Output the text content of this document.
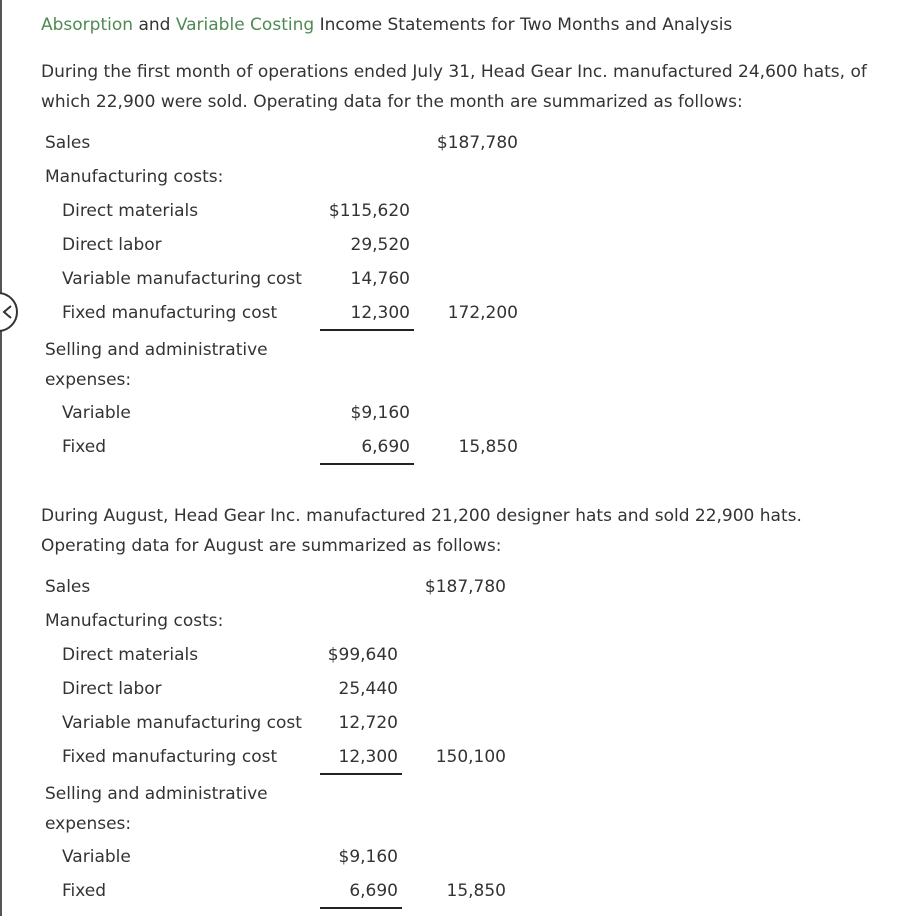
Absorption and Variable Costing Income Statements for Two Months and Analysis
During the first month of operations ended July 31, Head Gear Inc. manufactured 24,600 hats, of which 22,900 were sold. Operating data for the month are summarized as follows:
Sales	$187,780
Manufacturing costs:
Direct materials	$115,620
Direct labor	29,520
Variable manufacturing cost	14,760
Fixed manufacturing cost	12,300	172,200
Selling and administrative
expenses:
Variable	$9,160
Fixed	6,690	15,850
During August, Head Gear Inc. manufactured 21,200 designer hats and sold 22,900 hats. Operating data for August are summarized as follows:
Sales	$187,780
Manufacturing costs:
Direct materials	$99,640
Direct labor	25,440
Variable manufacturing cost	12,720
Fixed manufacturing cost	12,300	150,100
Selling and administrative
expenses:
Variable	$9,160
Fixed	6,690	15,850
